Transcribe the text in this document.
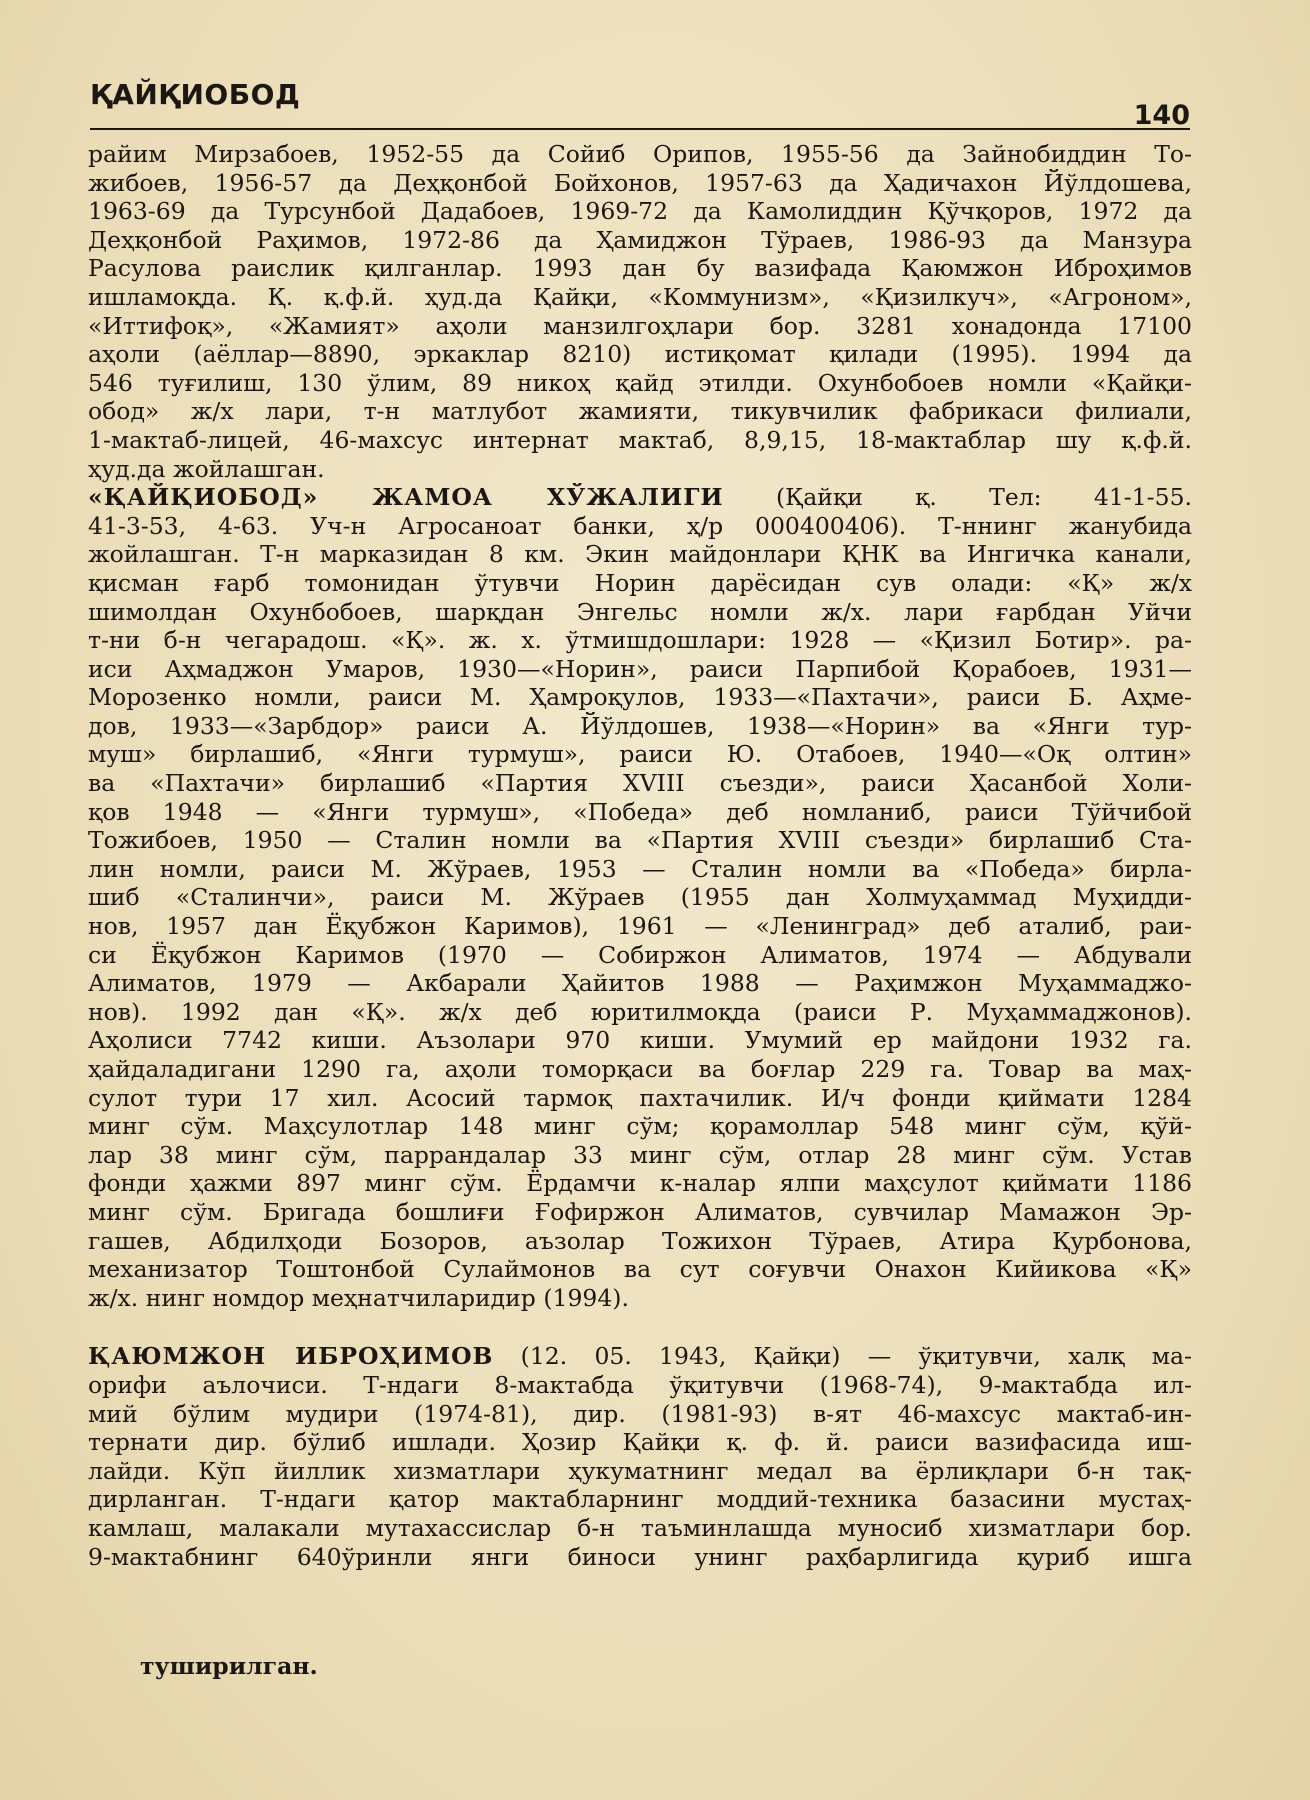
ҚАЙҚИОБОД
140
райим Мирзабоев, 1952-55 да Сойиб Орипов, 1955-56 да Зайнобиддин То-
жибоев, 1956-57 да Деҳқонбой Бойхонов, 1957-63 да Ҳадичахон Йўлдошева,
1963-69 да Турсунбой Дадабоев, 1969-72 да Камолиддин Қўчқоров, 1972 да
Деҳқонбой Раҳимов, 1972-86 да Ҳамиджон Тўраев, 1986-93 да Манзура
Расулова раислик қилганлар. 1993 дан бу вазифада Қаюмжон Иброҳимов
ишламоқда. Қ. қ.ф.й. ҳуд.да Қайқи, «Коммунизм», «Қизилкуч», «Агроном»,
«Иттифоқ», «Жамият» аҳоли манзилгоҳлари бор. 3281 хонадонда 17100
аҳоли (аёллар—8890, эркаклар 8210) истиқомат қилади (1995). 1994 да
546 туғилиш, 130 ўлим, 89 никоҳ қайд этилди. Охунбобоев номли «Қайқи-
обод» ж/х лари, т-н матлубот жамияти, тикувчилик фабрикаси филиали,
1-мактаб-лицей, 46-махсус интернат мактаб, 8,9,15, 18-мактаблар шу қ.ф.й.
ҳуд.да жойлашган.
«ҚАЙҚИОБОД» ЖАМОА ХЎЖАЛИГИ (Қайқи қ. Тел: 41-1-55.
41-3-53, 4-63. Уч-н Агросаноат банки, ҳ/р 000400406). Т-ннинг жанубида
жойлашган. Т-н марказидан 8 км. Экин майдонлари ҚНК ва Ингичка канали,
қисман ғарб томонидан ўтувчи Норин дарёсидан сув олади: «Қ» ж/х
шимолдан Охунбобоев, шарқдан Энгельс номли ж/х. лари ғарбдан Уйчи
т-ни б-н чегарадош. «Қ». ж. х. ўтмишдошлари: 1928 — «Қизил Ботир». ра-
иси Аҳмаджон Умаров, 1930—«Норин», раиси Парпибой Қорабоев, 1931—
Морозенко номли, раиси М. Ҳамроқулов, 1933—«Пахтачи», раиси Б. Аҳме-
дов, 1933—«Зарбдор» раиси А. Йўлдошев, 1938—«Норин» ва «Янги тур-
муш» бирлашиб, «Янги турмуш», раиси Ю. Отабоев, 1940—«Оқ олтин»
ва «Пахтачи» бирлашиб «Партия XVIII съезди», раиси Ҳасанбой Холи-
қов 1948 — «Янги турмуш», «Победа» деб номланиб, раиси Тўйчибой
Тожибоев, 1950 — Сталин номли ва «Партия XVIII съезди» бирлашиб Ста-
лин номли, раиси М. Жўраев, 1953 — Сталин номли ва «Победа» бирла-
шиб «Сталинчи», раиси М. Жўраев (1955 дан Холмуҳаммад Муҳидди-
нов, 1957 дан Ёқубжон Каримов), 1961 — «Ленинград» деб аталиб, раи-
си Ёқубжон Каримов (1970 — Собиржон Алиматов, 1974 — Абдували
Алиматов, 1979 — Акбарали Ҳайитов 1988 — Раҳимжон Муҳаммаджо-
нов). 1992 дан «Қ». ж/х деб юритилмоқда (раиси Р. Муҳаммаджонов).
Аҳолиси 7742 киши. Аъзолари 970 киши. Умумий ер майдони 1932 га.
ҳайдаладигани 1290 га, аҳоли томорқаси ва боғлар 229 га. Товар ва маҳ-
сулот тури 17 хил. Асосий тармоқ пахтачилик. И/ч фонди қиймати 1284
минг сўм. Маҳсулотлар 148 минг сўм; қорамоллар 548 минг сўм, қўй-
лар 38 минг сўм, паррандалар 33 минг сўм, отлар 28 минг сўм. Устав
фонди ҳажми 897 минг сўм. Ёрдамчи к-налар ялпи маҳсулот қиймати 1186
минг сўм. Бригада бошлиғи Ғофиржон Алиматов, сувчилар Мамажон Эр-
гашев, Абдилҳоди Бозоров, аъзолар Тожихон Тўраев, Атира Қурбонова,
механизатор Тоштонбой Сулаймонов ва сут соғувчи Онахон Кийикова «Қ»
ж/х. нинг номдор меҳнатчиларидир (1994).
ҚАЮМЖОН ИБРОҲИМОВ (12. 05. 1943, Қайқи) — ўқитувчи, халқ ма-
орифи аълочиси. Т-ндаги 8-мактабда ўқитувчи (1968-74), 9-мактабда ил-
мий бўлим мудири (1974-81), дир. (1981-93) в-ят 46-махсус мактаб-ин-
тернати дир. бўлиб ишлади. Ҳозир Қайқи қ. ф. й. раиси вазифасида иш-
лайди. Кўп йиллик хизматлари ҳукуматнинг медал ва ёрлиқлари б-н тақ-
дирланган. Т-ндаги қатор мактабларнинг моддий-техника базасини мустаҳ-
камлаш, малакали мутахассислар б-н таъминлашда муносиб хизматлари бор.
9-мактабнинг 640ўринли янги биноси унинг раҳбарлигида қуриб ишга
туширилган.
